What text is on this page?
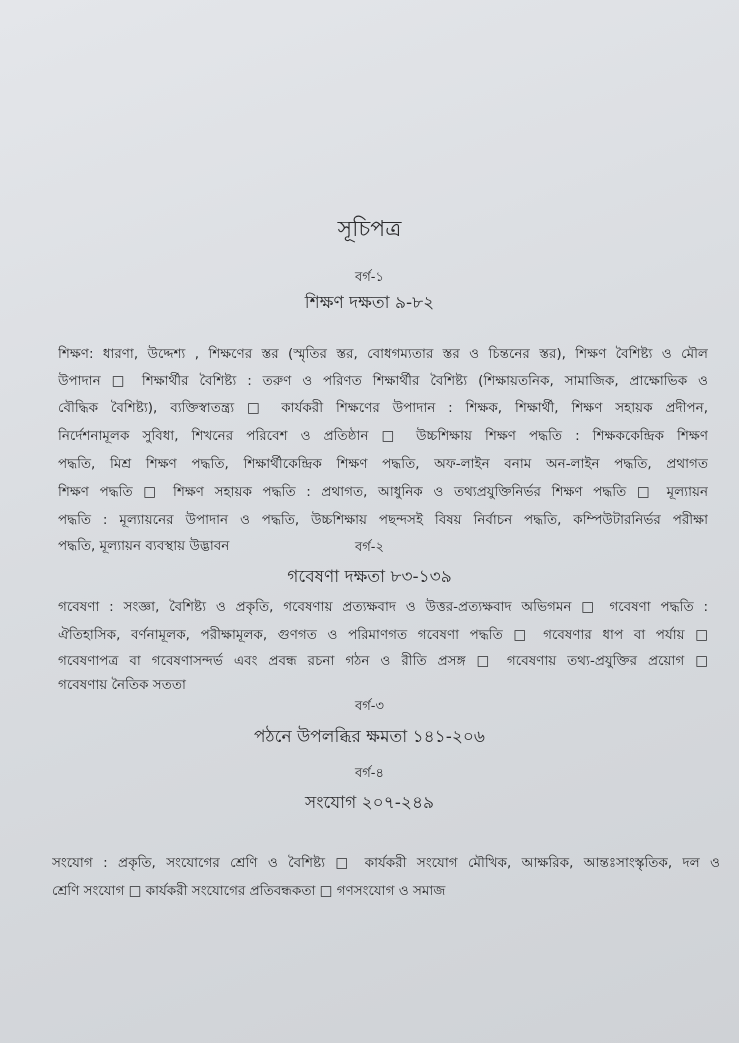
সূচিপত্র
বর্গ-১
শিক্ষণ দক্ষতা ৯-৮২
শিক্ষণ: ধারণা, উদ্দেশ্য , শিক্ষণের স্তর (স্মৃতির স্তর, বোধগম্যতার স্তর ও চিন্তনের স্তর), শিক্ষণ বৈশিষ্ট্য ও মৌল
উপাদান □ শিক্ষার্থীর বৈশিষ্ট্য : তরুণ ও পরিণত শিক্ষার্থীর বৈশিষ্ট্য (শিক্ষায়তনিক, সামাজিক, প্রাক্ষোভিক ও
বৌদ্ধিক বৈশিষ্ট্য), ব্যক্তিস্বাতন্ত্র্য □ কার্যকরী শিক্ষণের উপাদান : শিক্ষক, শিক্ষার্থী, শিক্ষণ সহায়ক প্রদীপন,
নির্দেশনামূলক সুবিধা, শিখনের পরিবেশ ও প্রতিষ্ঠান □ উচ্চশিক্ষায় শিক্ষণ পদ্ধতি : শিক্ষককেন্দ্রিক শিক্ষণ
পদ্ধতি, মিশ্র শিক্ষণ পদ্ধতি, শিক্ষার্থীকেন্দ্রিক শিক্ষণ পদ্ধতি, অফ-লাইন বনাম অন-লাইন পদ্ধতি, প্রথাগত
শিক্ষণ পদ্ধতি □ শিক্ষণ সহায়ক পদ্ধতি : প্রথাগত, আধুনিক ও তথ্যপ্রযুক্তিনির্ভর শিক্ষণ পদ্ধতি □ মূল্যায়ন
পদ্ধতি : মূল্যায়নের উপাদান ও পদ্ধতি, উচ্চশিক্ষায় পছন্দসই বিষয় নির্বাচন পদ্ধতি, কম্পিউটারনির্ভর পরীক্ষা
পদ্ধতি, মূল্যায়ন ব্যবস্থায় উদ্ভাবন	বর্গ-২
গবেষণা দক্ষতা ৮৩-১৩৯
গবেষণা : সংজ্ঞা, বৈশিষ্ট্য ও প্রকৃতি, গবেষণায় প্রত্যক্ষবাদ ও উত্তর-প্রত্যক্ষবাদ অভিগমন □ গবেষণা পদ্ধতি :
ঐতিহাসিক, বর্ণনামূলক, পরীক্ষামূলক, গুণগত ও পরিমাণগত গবেষণা পদ্ধতি □ গবেষণার ধাপ বা পর্যায় □
গবেষণাপত্র বা গবেষণাসন্দর্ভ এবং প্রবন্ধ রচনা গঠন ও রীতি প্রসঙ্গ □ গবেষণায় তথ্য-প্রযুক্তির প্রয়োগ □
গবেষণায় নৈতিক সততা
বর্গ-৩
পঠনে উপলব্ধির ক্ষমতা ১৪১-২০৬
বর্গ-৪
সংযোগ ২০৭-২৪৯
সংযোগ : প্রকৃতি, সংযোগের শ্রেণি ও বৈশিষ্ট্য □ কার্যকরী সংযোগ মৌখিক, আক্ষরিক, আন্তঃসাংস্কৃতিক, দল ও
শ্রেণি সংযোগ □ কার্যকরী সংযোগের প্রতিবন্ধকতা □ গণসংযোগ ও সমাজ
